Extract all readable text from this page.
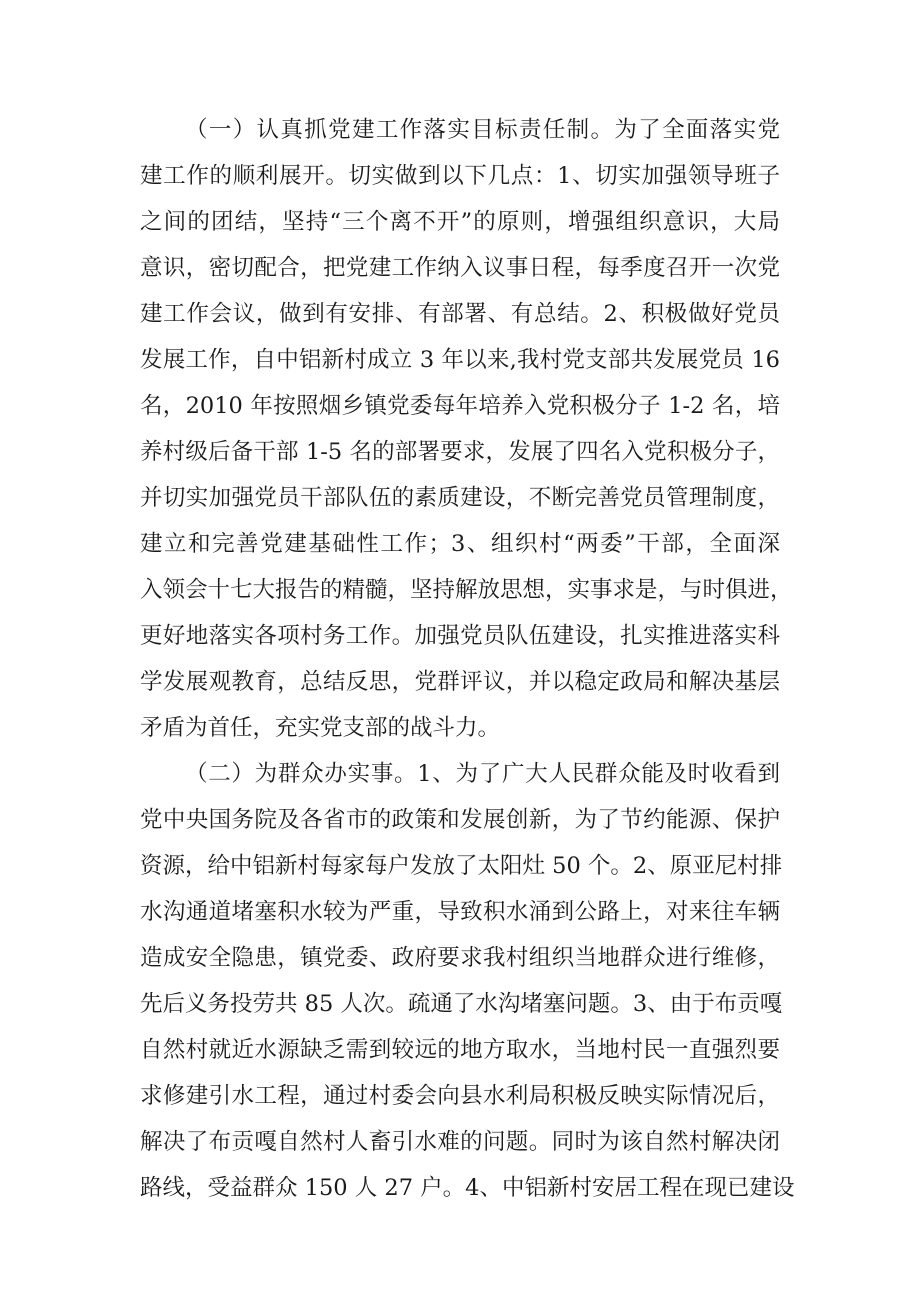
（一）认真抓党建工作落实目标责任制。为了全面落实党
建工作的顺利展开。切实做到以下几点：1、切实加强领导班子
之间的团结，坚持“三个离不开”的原则，增强组织意识，大局
意识，密切配合，把党建工作纳入议事日程，每季度召开一次党
建工作会议，做到有安排、有部署、有总结。2、积极做好党员
发展工作，自中铝新村成立 3 年以来,我村党支部共发展党员 16
名，2010 年按照烟乡镇党委每年培养入党积极分子 1-2 名，培
养村级后备干部 1-5 名的部署要求，发展了四名入党积极分子，
并切实加强党员干部队伍的素质建设，不断完善党员管理制度，
建立和完善党建基础性工作；3、组织村“两委”干部，全面深
入领会十七大报告的精髓，坚持解放思想，实事求是，与时俱进，
更好地落实各项村务工作。加强党员队伍建设，扎实推进落实科
学发展观教育，总结反思，党群评议，并以稳定政局和解决基层
矛盾为首任，充实党支部的战斗力。
（二）为群众办实事。1、为了广大人民群众能及时收看到
党中央国务院及各省市的政策和发展创新，为了节约能源、保护
资源，给中铝新村每家每户发放了太阳灶 50 个。2、原亚尼村排
水沟通道堵塞积水较为严重，导致积水涌到公路上，对来往车辆
造成安全隐患，镇党委、政府要求我村组织当地群众进行维修，
先后义务投劳共 85 人次。疏通了水沟堵塞问题。3、由于布贡嘎
自然村就近水源缺乏需到较远的地方取水，当地村民一直强烈要
求修建引水工程，通过村委会向县水利局积极反映实际情况后，
解决了布贡嘎自然村人畜引水难的问题。同时为该自然村解决闭
路线，受益群众 150 人 27 户。4、中铝新村安居工程在现已建设
